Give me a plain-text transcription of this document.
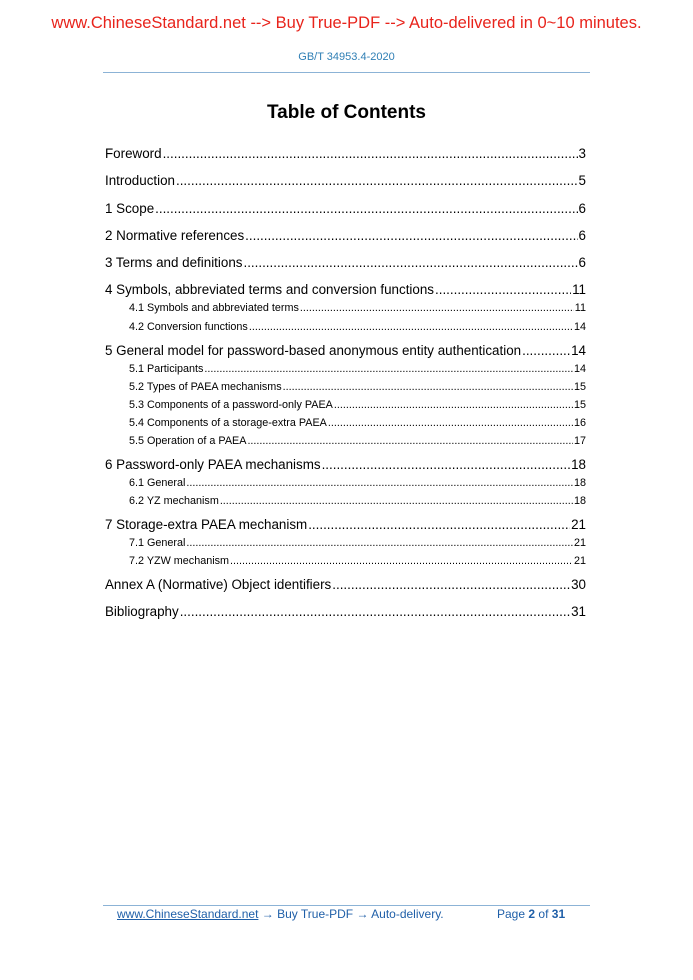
www.ChineseStandard.net --> Buy True-PDF --> Auto-delivered in 0~10 minutes.
GB/T 34953.4-2020
Table of Contents
Foreword .....	3
Introduction .....	5
1 Scope .....	6
2 Normative references .....	6
3 Terms and definitions .....	6
4 Symbols, abbreviated terms and conversion functions .....	11
4.1 Symbols and abbreviated terms .....	11
4.2 Conversion functions .....	14
5 General model for password-based anonymous entity authentication .....	14
5.1 Participants .....	14
5.2 Types of PAEA mechanisms .....	15
5.3 Components of a password-only PAEA .....	15
5.4 Components of a storage-extra PAEA .....	16
5.5 Operation of a PAEA .....	17
6 Password-only PAEA mechanisms .....	18
6.1 General .....	18
6.2 YZ mechanism .....	18
7 Storage-extra PAEA mechanism .....	21
7.1 General .....	21
7.2 YZW mechanism .....	21
Annex A (Normative) Object identifiers .....	30
Bibliography .....	31
www.ChineseStandard.net → Buy True-PDF → Auto-delivery.	Page 2 of 31
